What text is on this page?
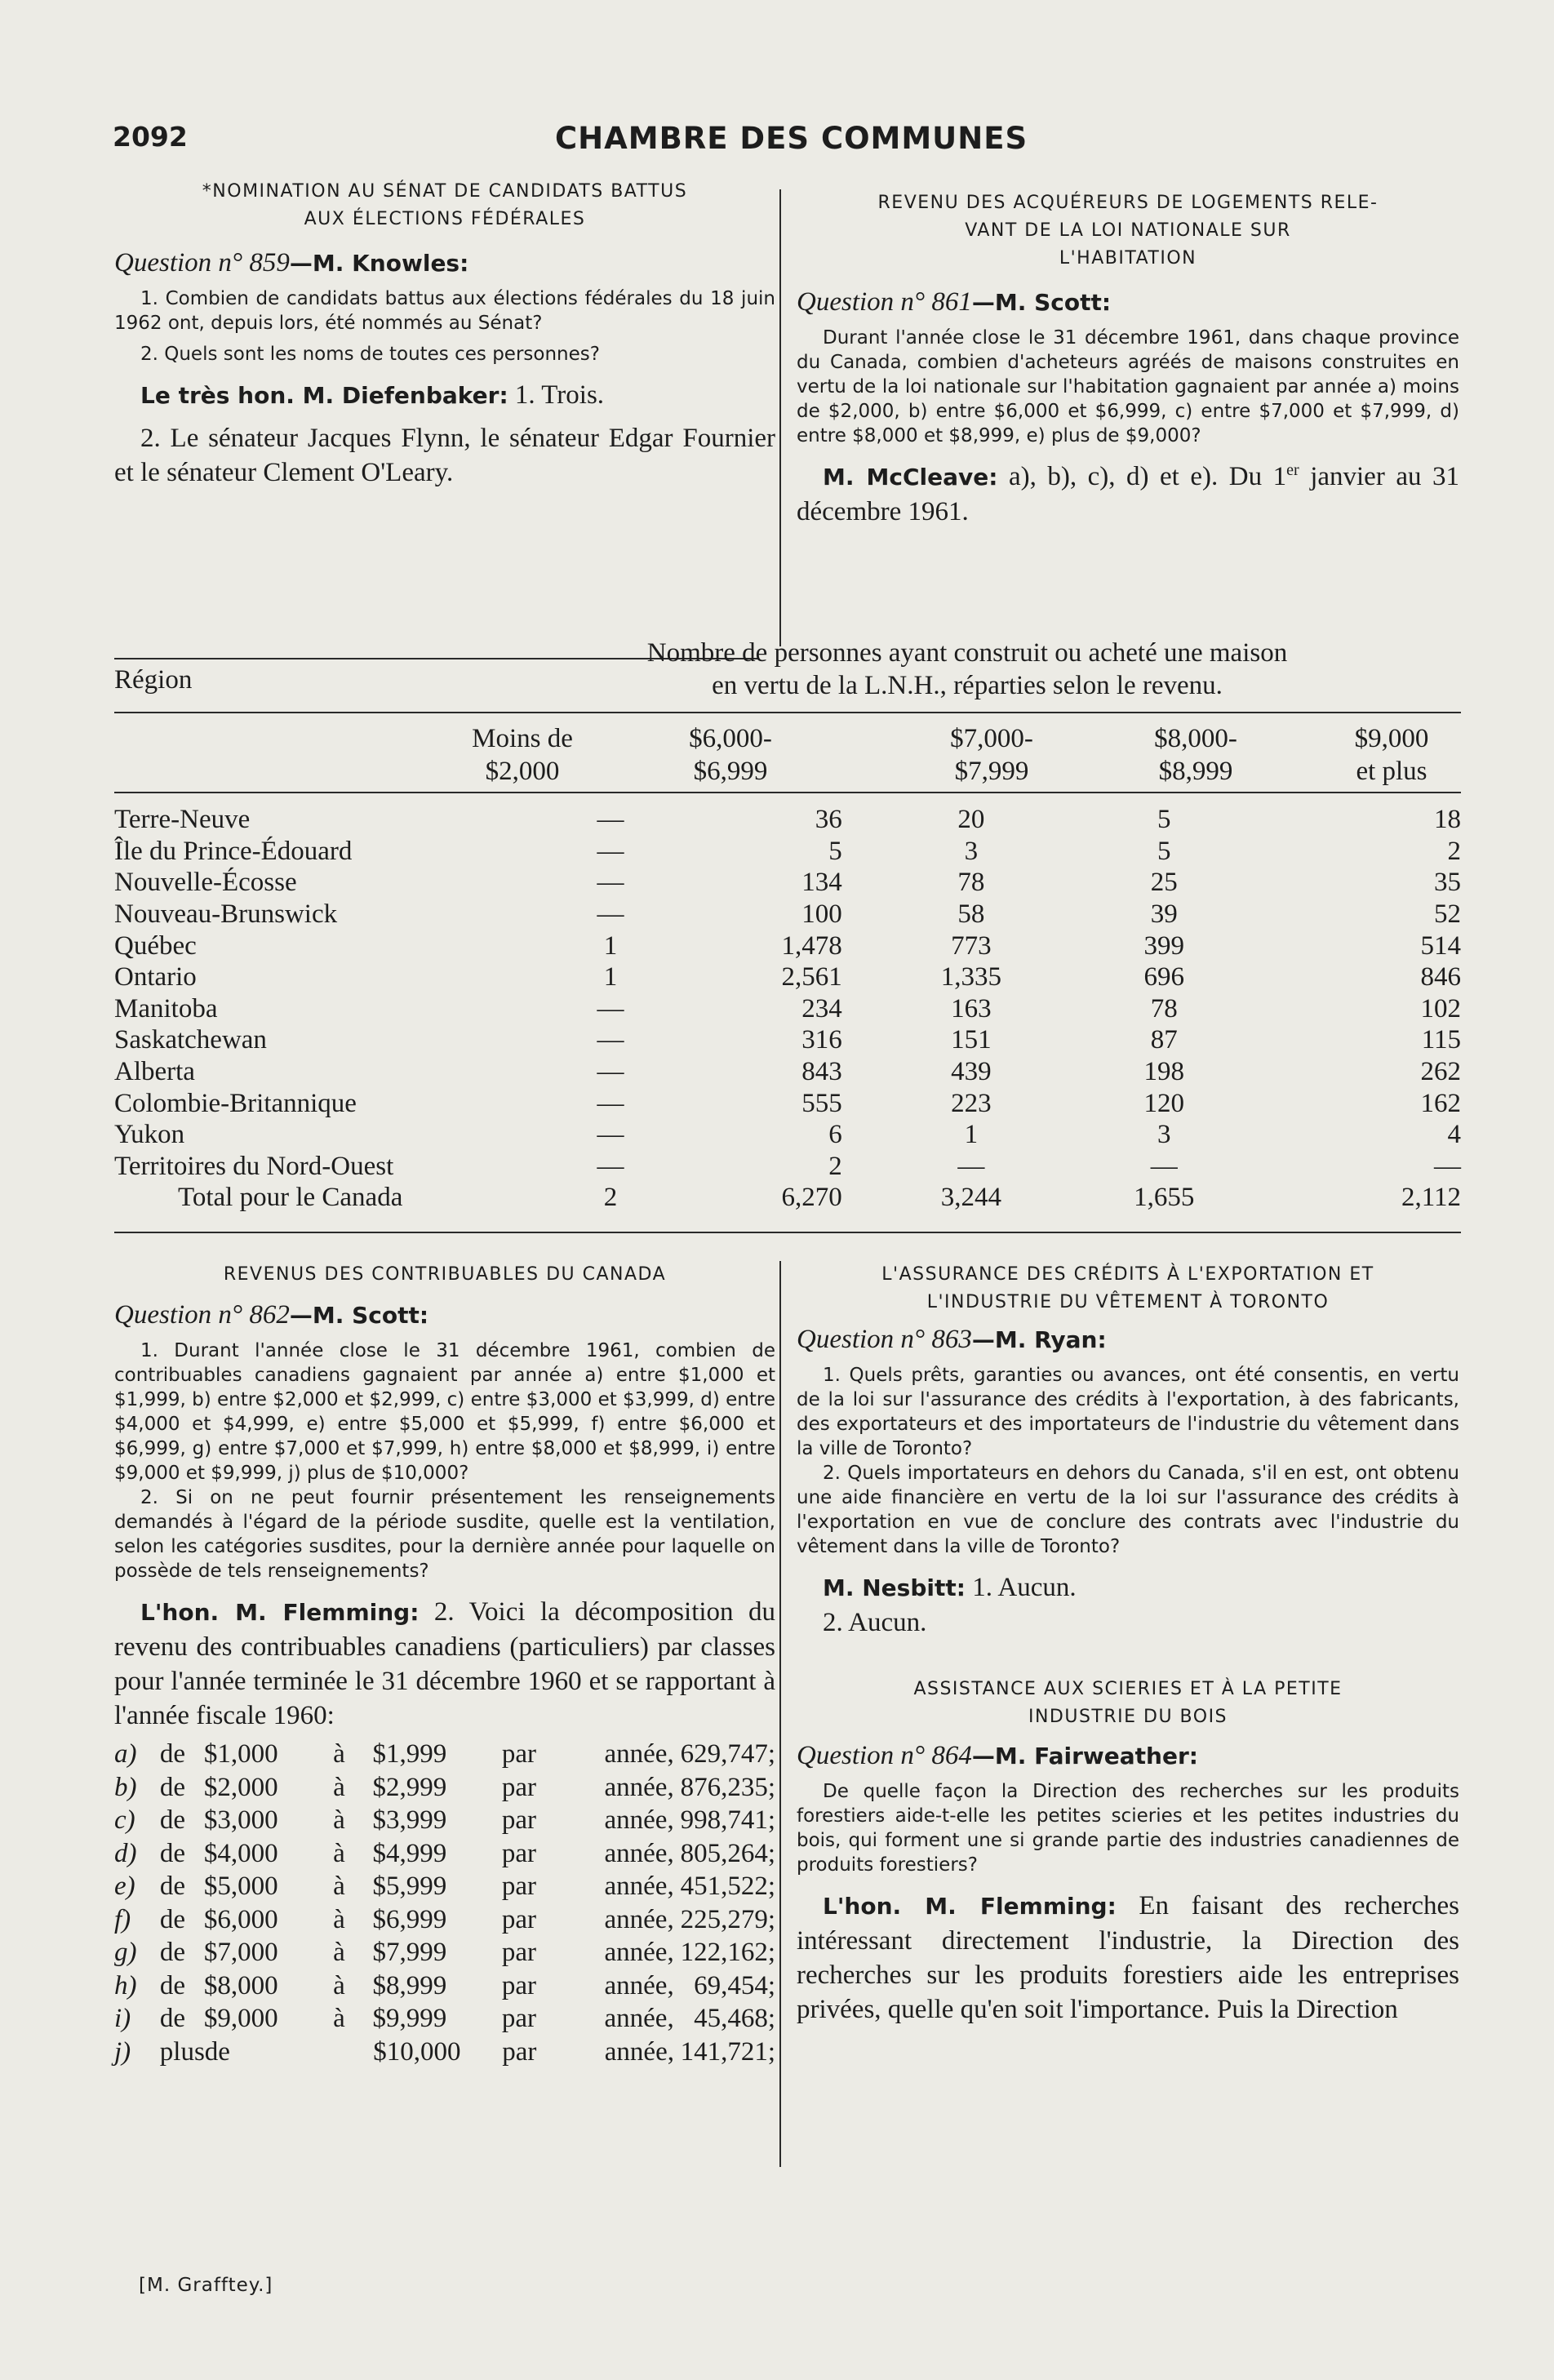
2092	CHAMBRE DES COMMUNES
*NOMINATION AU SÉNAT DE CANDIDATS BATTUS
AUX ÉLECTIONS FÉDÉRALES
Question n° 859—M. Knowles:

1. Combien de candidats battus aux élections fédérales du 18 juin 1962 ont, depuis lors, été nommés au Sénat?

2. Quels sont les noms de toutes ces personnes?

Le très hon. M. Diefenbaker: 1. Trois.

2. Le sénateur Jacques Flynn, le sénateur Edgar Fournier et le sénateur Clement O'Leary.

REVENU DES ACQUÉREURS DE LOGEMENTS RELE-
VANT DE LA LOI NATIONALE SUR
L'HABITATION
Question n° 861—M. Scott:

Durant l'année close le 31 décembre 1961, dans chaque province du Canada, combien d'acheteurs agréés de maisons construites en vertu de la loi nationale sur l'habitation gagnaient par année a) moins de $2,000, b) entre $6,000 et $6,999, c) entre $7,000 et $7,999, d) entre $8,000 et $8,999, e) plus de $9,000?

M. McCleave: a), b), c), d) et e). Du 1er janvier au 31 décembre 1961.

Région
Nombre de personnes ayant construit ou acheté une maison
en vertu de la L.N.H., réparties selon le revenu.
Moins de
$2,000
$6,000-
$6,999
$7,000-
$7,999
$8,000-
$8,999
$9,000
et plus
Terre-Neuve	—	36	20	5	18
Île du Prince-Édouard	—	5	3	5	2
Nouvelle-Écosse	—	134	78	25	35
Nouveau-Brunswick	—	100	58	39	52
Québec	1	1,478	773	399	514
Ontario	1	2,561	1,335	696	846
Manitoba	—	234	163	78	102
Saskatchewan	—	316	151	87	115
Alberta	—	843	439	198	262
Colombie-Britannique	—	555	223	120	162
Yukon	—	6	1	3	4
Territoires du Nord-Ouest	—	2	—	—	—
Total pour le Canada	2	6,270	3,244	1,655	2,112
REVENUS DES CONTRIBUABLES DU CANADA
Question n° 862—M. Scott:

1. Durant l'année close le 31 décembre 1961, combien de contribuables canadiens gagnaient par année a) entre $1,000 et $1,999, b) entre $2,000 et $2,999, c) entre $3,000 et $3,999, d) entre $4,000 et $4,999, e) entre $5,000 et $5,999, f) entre $6,000 et $6,999, g) entre $7,000 et $7,999, h) entre $8,000 et $8,999, i) entre $9,000 et $9,999, j) plus de $10,000?

2. Si on ne peut fournir présentement les renseignements demandés à l'égard de la période susdite, quelle est la ventilation, selon les catégories susdites, pour la dernière année pour laquelle on possède de tels renseignements?

L'hon. M. Flemming: 2. Voici la décomposition du revenu des contribuables canadiens (particuliers) par classes pour l'année terminée le 31 décembre 1960 et se rapportant à l'année fiscale 1960:

a) de $1,000	à	$1,999	par	année, 629,747;
b) de $2,000	à	$2,999	par	année, 876,235;
c) de $3,000	à	$3,999	par	année, 998,741;
d) de $4,000	à	$4,999	par	année, 805,264;
e) de $5,000	à	$5,999	par	année, 451,522;
f)	de $6,000	à	$6,999	par	année, 225,279;
g) de $7,000	à	$7,999	par	année, 122,162;
h) de $8,000	à	$8,999	par	année, 69,454;
i)	de $9,000	à	$9,999	par	année, 45,468;
j)	plus de	$10,000	par	année, 141,721;
L'ASSURANCE DES CRÉDITS À L'EXPORTATION ET
L'INDUSTRIE DU VÊTEMENT À TORONTO
Question n° 863—M. Ryan:

1. Quels prêts, garanties ou avances, ont été consentis, en vertu de la loi sur l'assurance des crédits à l'exportation, à des fabricants, des exportateurs et des importateurs de l'industrie du vêtement dans la ville de Toronto?

2. Quels importateurs en dehors du Canada, s'il en est, ont obtenu une aide financière en vertu de la loi sur l'assurance des crédits à l'exportation en vue de conclure des contrats avec l'industrie du vêtement dans la ville de Toronto?

M. Nesbitt: 1. Aucun.

2. Aucun.

ASSISTANCE AUX SCIERIES ET À LA PETITE
INDUSTRIE DU BOIS
Question n° 864—M. Fairweather:

De quelle façon la Direction des recherches sur les produits forestiers aide-t-elle les petites scieries et les petites industries du bois, qui forment une si grande partie des industries canadiennes de produits forestiers?

L'hon. M. Flemming: En faisant des recherches intéressant directement l'industrie, la Direction des recherches sur les produits forestiers aide les entreprises privées, quelle qu'en soit l'importance. Puis la Direction

[M. Grafftey.]
